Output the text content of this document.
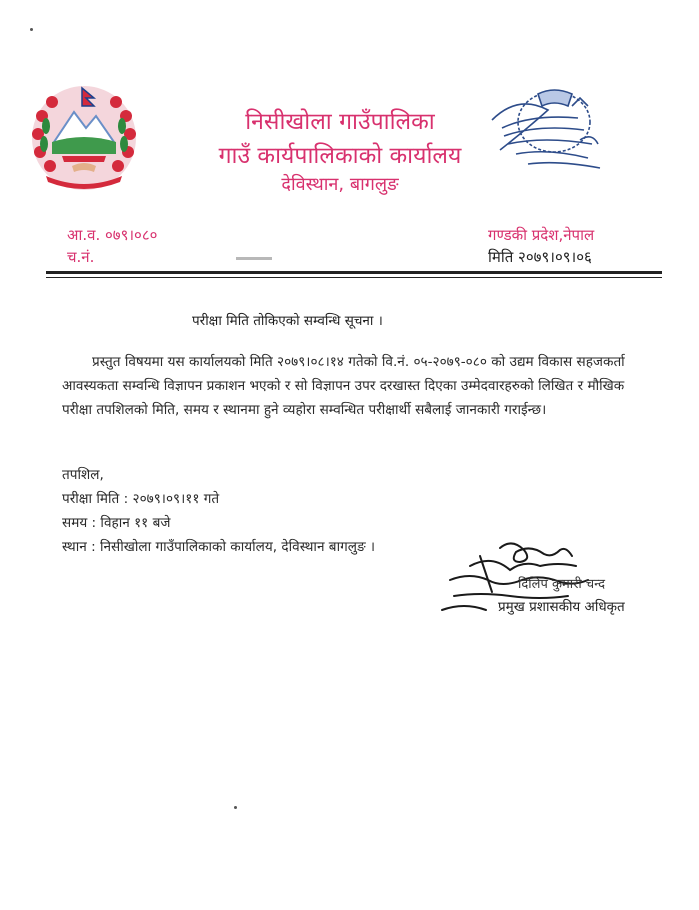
निसीखोला गाउँपालिका
गाउँ कार्यपालिकाको कार्यालय
देविस्थान, बागलुङ
आ.व. ०७९।०८०
च.नं.
गण्डकी प्रदेश,नेपाल
मिति २०७९।०९।०६
परीक्षा मिति तोकिएको सम्वन्धि सूचना ।
प्रस्तुत विषयमा यस कार्यालयको मिति २०७९।०८।१४ गतेको वि.नं. ०५-२०७९-०८० को उद्यम विकास सहजकर्ता आवस्यकता सम्वन्धि विज्ञापन प्रकाशन भएको र सो विज्ञापन उपर दरखास्त दिएका उम्मेदवारहरुको लिखित र मौखिक परीक्षा तपशिलको मिति, समय र स्थानमा हुने व्यहोरा सम्वन्धित परीक्षार्थी सबैलाई जानकारी गराईन्छ।
तपशिल,
परीक्षा मिति : २०७९।०९।११ गते
समय : विहान ११ बजे
स्थान : निसीखोला गाउँपालिकाको कार्यालय, देविस्थान बागलुङ ।
दिलिप कुमारी चन्द
प्रमुख प्रशासकीय अधिकृत
